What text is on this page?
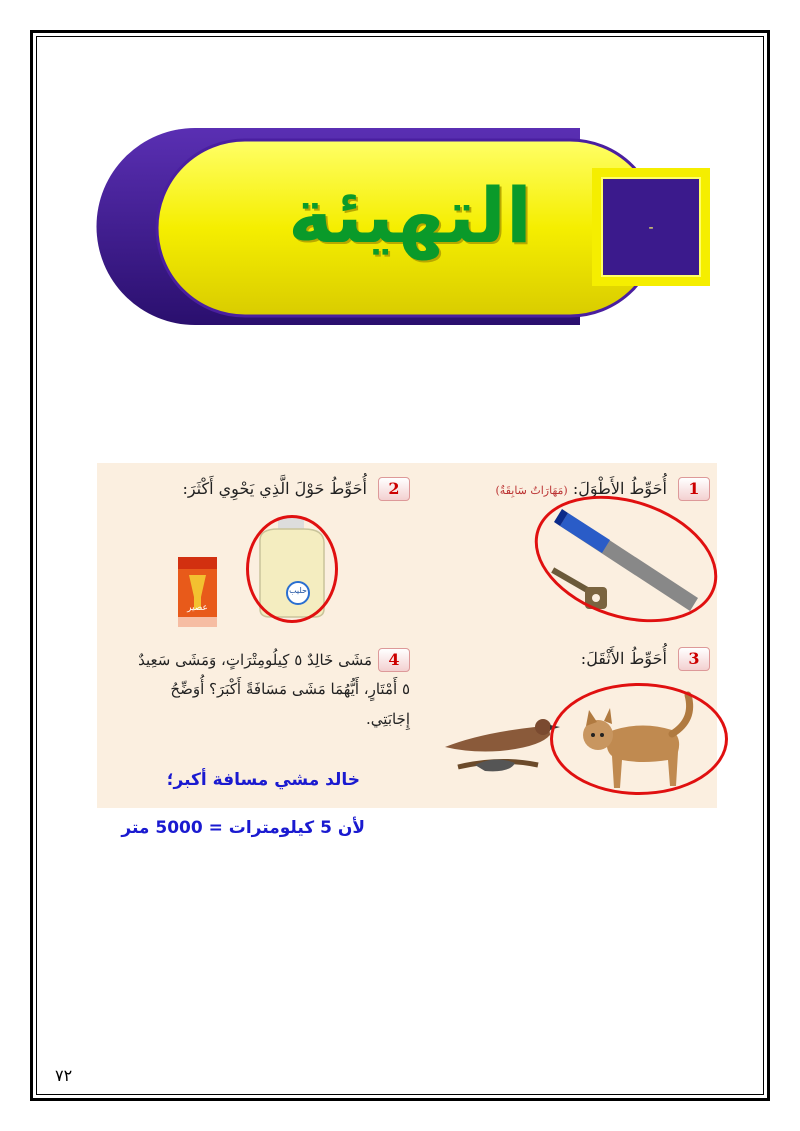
-
التهيئة
1 أُحَوِّطُ الأَطْوَلَ: (مَهَارَاتٌ سَابِقَةٌ)
2 أُحَوِّطُ حَوْلَ الَّذِي يَحْوِي أَكْثَرَ:
3 أُحَوِّطُ الأَثْقَلَ:
4مَشَى خَالِدٌ ٥ كِيلُومِتْرَاتٍ، وَمَشَى سَعِيدٌ
٥ أَمْتَارٍ، أَيُّهُمَا مَشَى مَسَافَةً أَكْبَرَ؟ أُوَضِّحُ
إِجَابَتِي.
عصير
حليب
خالد مشي مسافة أكبر؛
لأن 5 كيلومترات = 5000 متر
٧٢
